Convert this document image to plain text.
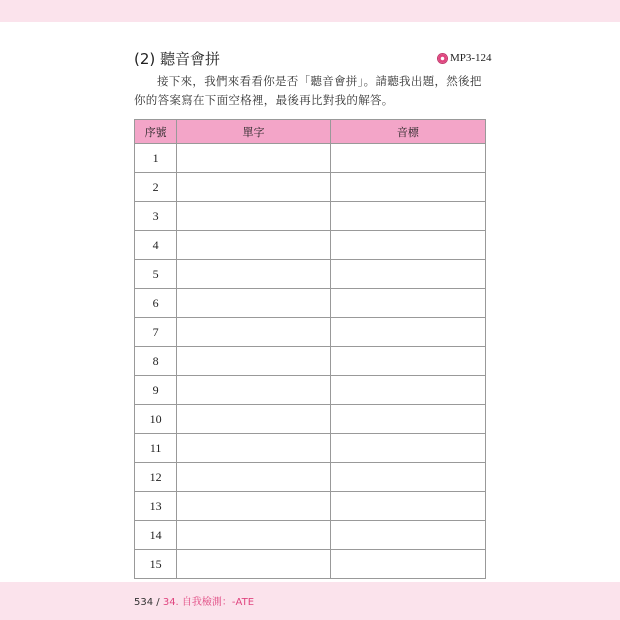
(2) 聽音會拼	MP3-124
接下來，我們來看看你是否「聽音會拼」。請聽我出題，然後把你的答案寫在下面空格裡，最後再比對我的解答。
序號	單字	音標
1		
2		
3		
4		
5		
6		
7		
8		
9		
10		
11		
12		
13		
14		
15		
534 / 34. 自我檢測：-ATE
